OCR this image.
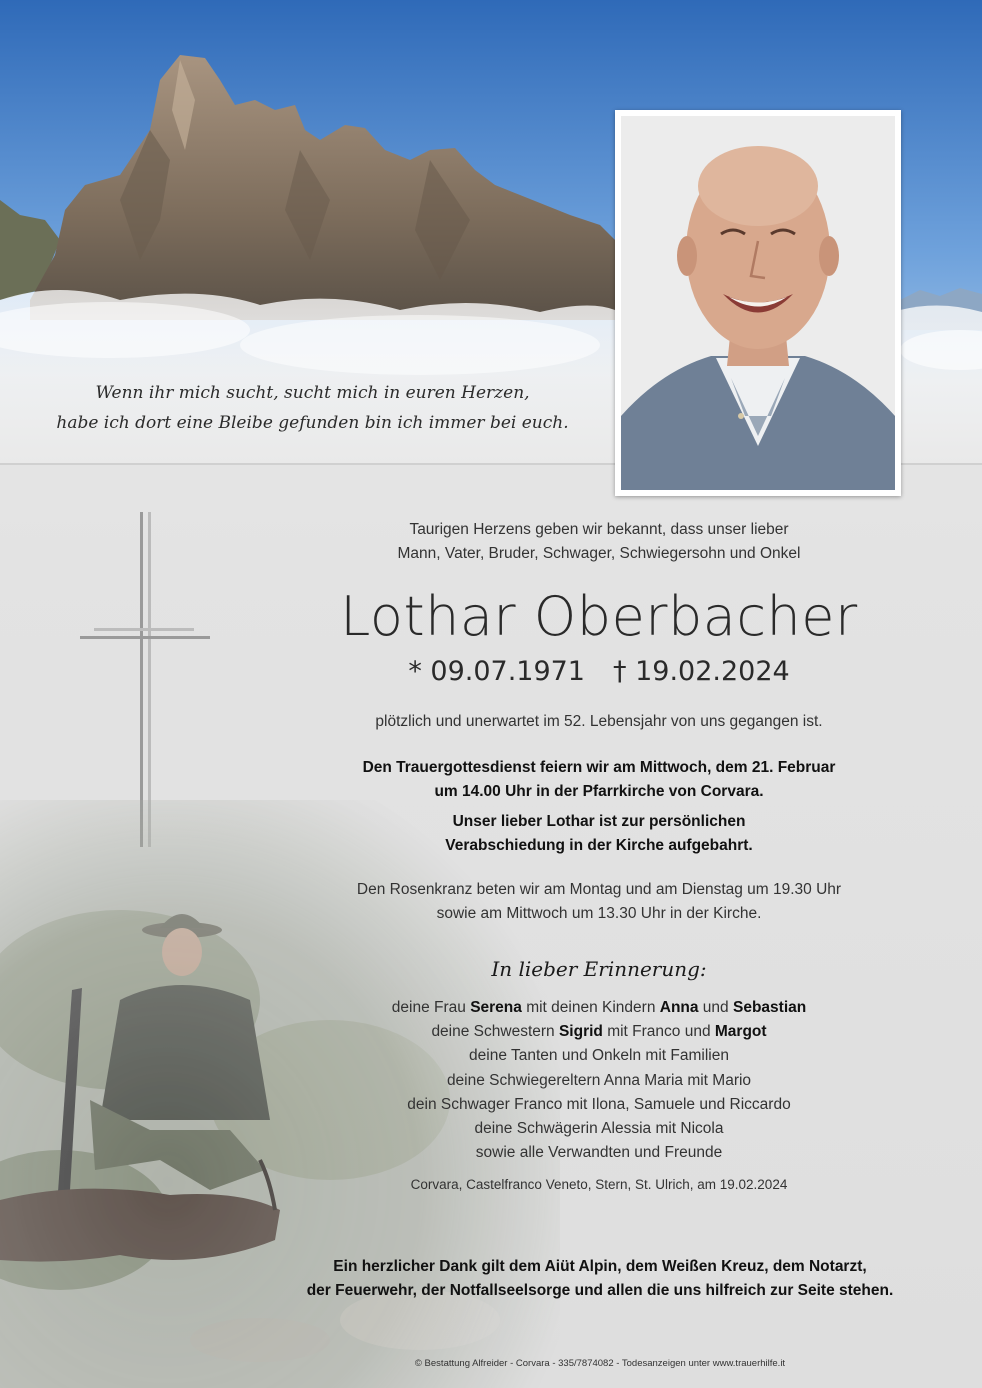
Wenn ihr mich sucht, sucht mich in euren Herzen,
habe ich dort eine Bleibe gefunden bin ich immer bei euch.
Taurigen Herzens geben wir bekannt, dass unser lieber
Mann, Vater, Bruder, Schwager, Schwiegersohn und Onkel
Lothar Oberbacher
* 09.07.1971 † 19.02.2024
plötzlich und unerwartet im 52. Lebensjahr von uns gegangen ist.
Den Trauergottesdienst feiern wir am Mittwoch, dem 21. Februar
um 14.00 Uhr in der Pfarrkirche von Corvara.
Unser lieber Lothar ist zur persönlichen
Verabschiedung in der Kirche aufgebahrt.
Den Rosenkranz beten wir am Montag und am Dienstag um 19.30 Uhr
sowie am Mittwoch um 13.30 Uhr in der Kirche.
In lieber Erinnerung:
deine Frau Serena mit deinen Kindern Anna und Sebastian
deine Schwestern Sigrid mit Franco und Margot
deine Tanten und Onkeln mit Familien
deine Schwiegereltern Anna Maria mit Mario
dein Schwager Franco mit Ilona, Samuele und Riccardo
deine Schwägerin Alessia mit Nicola
sowie alle Verwandten und Freunde
Corvara, Castelfranco Veneto, Stern, St. Ulrich, am 19.02.2024
Ein herzlicher Dank gilt dem Aiüt Alpin, dem Weißen Kreuz, dem Notarzt,
der Feuerwehr, der Notfallseelsorge und allen die uns hilfreich zur Seite stehen.
© Bestattung Alfreider - Corvara - 335/7874082 - Todesanzeigen unter www.trauerhilfe.it
